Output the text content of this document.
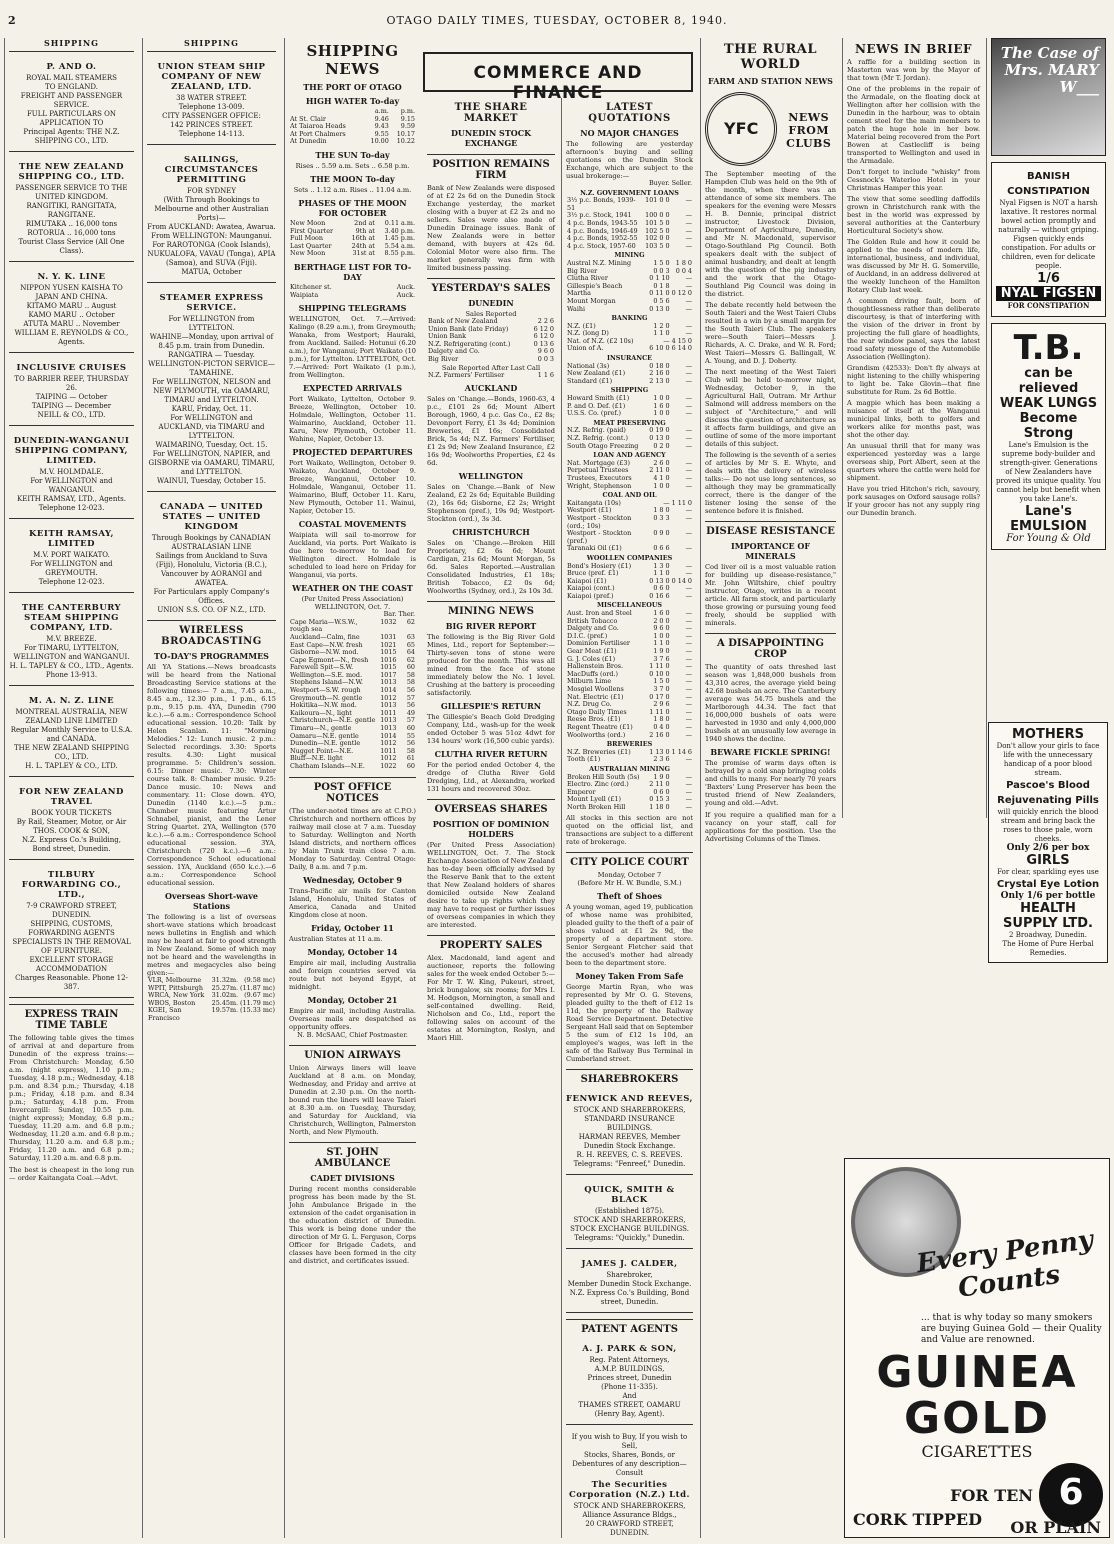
2	OTAGO DAILY TIMES, TUESDAY, OCTOBER 8, 1940.
SHIPPING
P. AND O.
ROYAL MAIL STEAMERS
TO ENGLAND.
FREIGHT AND PASSENGER SERVICE.
FULL PARTICULARS ON APPLICATION TO
Principal Agents: THE N.Z. SHIPPING CO., LTD.
THE NEW ZEALAND SHIPPING CO., LTD.
PASSENGER SERVICE TO THE UNITED KINGDOM.
RANGITIKI, RANGITATA, RANGITANE.
RIMUTAKA .. 16,000 tons
ROTORUA .. 16,000 tons
Tourist Class Service (All One Class).
N. Y. K. LINE
NIPPON YUSEN KAISHA TO JAPAN AND CHINA.
KITAMO MARU .. August
KAMO MARU .. October
ATUTA MARU .. November
WILLIAM E. REYNOLDS & CO., Agents.
INCLUSIVE CRUISES
TO BARRIER REEF, THURSDAY 26.
TAIPING — October
TAIPING — December
NEILL & CO., LTD.
DUNEDIN-WANGANUI SHIPPING COMPANY, LIMITED.
M.V. HOLMDALE.
For WELLINGTON and WANGANUI.
KEITH RAMSAY, LTD., Agents.
Telephone 12-023.
KEITH RAMSAY, LIMITED
M.V. PORT WAIKATO.
For WELLINGTON and GREYMOUTH.
Telephone 12-023.
THE CANTERBURY STEAM SHIPPING COMPANY, LTD.
M.V. BREEZE.
For TIMARU, LYTTELTON, WELLINGTON and WANGANUI.
H. L. TAPLEY & CO., LTD., Agents.
Phone 13-913.
M. A. N. Z. LINE
MONTREAL AUSTRALIA, NEW ZEALAND LINE LIMITED
Regular Monthly Service to U.S.A. and CANADA.
THE NEW ZEALAND SHIPPING CO., LTD.
H. L. TAPLEY & CO., LTD.
FOR NEW ZEALAND TRAVEL
BOOK YOUR TICKETS
By Rail, Steamer, Motor, or Air
THOS. COOK & SON,
N.Z. Express Co.'s Building,
Bond street, Dunedin.
TILBURY FORWARDING CO., LTD.,
7-9 CRAWFORD STREET, DUNEDIN.
SHIPPING, CUSTOMS, FORWARDING AGENTS
SPECIALISTS IN THE REMOVAL OF FURNITURE.
EXCELLENT STORAGE ACCOMMODATION
Charges Reasonable. Phone 12-387.
EXPRESS TRAIN TIME TABLE
The following table gives the times of arrival at and departure from Dunedin of the express trains:— From Christchurch: Monday, 6.50 a.m. (night express), 1.10 p.m.; Tuesday, 4.18 p.m.; Wednesday, 4.18 p.m. and 8.34 p.m.; Thursday, 4.18 p.m.; Friday, 4.18 p.m. and 8.34 p.m.; Saturday, 4.18 p.m. From Invercargill: Sunday, 10.55 p.m. (night express); Monday, 6.8 p.m.; Tuesday, 11.20 a.m. and 6.8 p.m.; Wednesday, 11.20 a.m. and 6.8 p.m.; Thursday, 11.20 a.m. and 6.8 p.m.; Friday, 11.20 a.m. and 6.8 p.m.; Saturday, 11.20 a.m. and 6.8 p.m.
The best is cheapest in the long run — order Kaitangata Coal.—Advt.
SHIPPING
UNION STEAM SHIP COMPANY OF NEW ZEALAND, LTD.
38 WATER STREET.
Telephone 13-009.
CITY PASSENGER OFFICE:
142 PRINCES STREET.
Telephone 14-113.
SAILINGS, CIRCUMSTANCES PERMITTING
FOR SYDNEY
(With Through Bookings to Melbourne and other Australian Ports)—
From AUCKLAND: Awatea, Awarua.
From WELLINGTON: Maunganui.
For RAROTONGA (Cook Islands), NUKUALOFA, VAVAU (Tonga), APIA (Samoa), and SUVA (Fiji).
MATUA, October
STEAMER EXPRESS SERVICE.
For WELLINGTON from LYTTELTON.
WAHINE—Monday, upon arrival of 8.45 p.m. train from Dunedin.
RANGATIRA — Tuesday.
WELLINGTON-PICTON SERVICE—TAMAHINE.
For WELLINGTON, NELSON and NEW PLYMOUTH, via OAMARU, TIMARU and LYTTELTON.
KARU, Friday, Oct. 11.
For WELLINGTON and AUCKLAND, via TIMARU and LYTTELTON.
WAIMARINO, Tuesday, Oct. 15.
For WELLINGTON, NAPIER, and GISBORNE via OAMARU, TIMARU, and LYTTELTON.
WAINUI, Tuesday, October 15.
CANADA — UNITED STATES — UNITED KINGDOM
Through Bookings by CANADIAN AUSTRALASIAN LINE
Sailings from Auckland to Suva (Fiji), Honolulu, Victoria (B.C.), Vancouver by AORANGI and AWATEA.
For Particulars apply Company's Offices.
UNION S.S. CO. OF N.Z., LTD.
WIRELESS BROADCASTING
TO-DAY'S PROGRAMMES
All YA Stations.—News broadcasts will be heard from the National Broadcasting Service stations at the following times:— 7 a.m., 7.45 a.m., 8.45 a.m., 12.30 p.m., 1 p.m., 6.15 p.m., 9.15 p.m. 4YA, Dunedin (790 k.c.).—6 a.m.: Correspondence School educational session. 10.20: Talk by Helen Scanlan. 11: "Morning Melodies." 12: Lunch music. 2 p.m.: Selected recordings. 3.30: Sports results. 4.30: Light musical programme. 5: Children's session. 6.15: Dinner music. 7.30: Winter course talk. 8: Chamber music. 9.25: Dance music. 10: News and commentary. 11: Close down. 4YO, Dunedin (1140 k.c.).—5 p.m.: Chamber music featuring Artur Schnabel, pianist, and the Lener String Quartet. 2YA, Wellington (570 k.c.).—6 a.m.: Correspondence School educational session. 3YA, Christchurch (720 k.c.).—6 a.m.: Correspondence School educational session. 1YA, Auckland (650 k.c.).—6 a.m.: Correspondence School educational session.
Overseas Short-wave Stations
The following is a list of overseas short-wave stations which broadcast news bulletins in English and which may be heard at fair to good strength in New Zealand. Some of which may not be heard and the wavelengths in metres and megacycles also being given:—
VLR, Melbourne	31.32m.	(9.58 mc)
WPIT, Pittsburgh	25.27m.	(11.87 mc)
WRCA, New York	31.02m.	(9.67 mc)
WBOS, Boston	25.45m.	(11.79 mc)
KGEI, San Francisco	19.57m.	(15.33 mc)
SHIPPING NEWS
THE PORT OF OTAGO
HIGH WATER To-day
	a.m.	p.m.
At St. Clair	9.46	9.15
At Taiaroa Heads	9.43	9.59
At Port Chalmers	9.55	10.17
At Dunedin	10.00	10.22
THE SUN To-day
Rises .. 5.59 a.m. Sets .. 6.58 p.m.
THE MOON To-day
Sets .. 1.12 a.m. Rises .. 11.04 a.m.
PHASES OF THE MOON FOR OCTOBER
New Moon	2nd at	0.11 a.m.
First Quarter	9th at	3.40 p.m.
Full Moon	16th at	1.45 p.m.
Last Quarter	24th at	5.54 a.m.
New Moon	31st at	8.55 p.m.
BERTHAGE LIST FOR TO-DAY
Kitchener st.	Auck.
Waipiata	Auck.
SHIPPING TELEGRAMS
WELLINGTON, Oct. 7.—Arrived: Kalingo (8.29 a.m.), from Greymouth; Wanaka, from Westport; Hauraki, from Auckland. Sailed: Hotunui (6.20 a.m.), for Wanganui; Port Waikato (10 p.m.), for Lyttelton. LYTTELTON, Oct. 7.—Arrived: Port Waikato (1 p.m.), from Wellington.
EXPECTED ARRIVALS
Port Waikato, Lyttelton, October 9. Breeze, Wellington, October 10. Holmdale, Wellington, October 11. Waimarino, Auckland, October 11. Karu, New Plymouth, October 11. Wahine, Napier, October 13.
PROJECTED DEPARTURES
Port Waikato, Wellington, October 9. Waikato, Auckland, October 9. Breeze, Wanganui, October 10. Holmdale, Wanganui, October 11. Waimarino, Bluff, October 11. Karu, New Plymouth, October 11. Wainui, Napier, October 15.
COASTAL MOVEMENTS
Waipiata will sail to-morrow for Auckland, via ports. Port Waikato is due here to-morrow to load for Wellington direct. Holmdale is scheduled to load here on Friday for Wanganui, via ports.
WEATHER ON THE COAST
(Per United Press Association) WELLINGTON, Oct. 7.
	Bar.	Ther.
Cape Maria—W.S.W., rough sea	1032	62
Auckland—Calm, fine	1031	63
East Cape—N.W. fresh	1021	65
Gisborne—N.W. mod.	1015	64
Cape Egmont—N., fresh	1016	62
Farewell Spit—S.W.	1015	60
Wellington—S.E. mod.	1017	58
Stephens Island—N.W.	1013	58
Westport—S.W. rough	1014	56
Greymouth—N. gentle	1012	57
Hokitika—N.W. mod.	1013	56
Kaikoura—N., light	1011	49
Christchurch—N.E. gentle	1013	57
Timaru—N., gentle	1013	60
Oamaru—N.E. gentle	1014	55
Dunedin—N.E. gentle	1012	56
Nugget Point—N.E.	1011	58
Bluff—N.E. light	1012	61
Chatham Islands—N.E.	1022	60
POST OFFICE NOTICES
(The under-noted times are at C.P.O.) Christchurch and northern offices by railway mail close at 7 a.m. Tuesday to Saturday. Wellington and North Island districts, and northern offices by Main Trunk train close 7 a.m. Monday to Saturday. Central Otago: Daily, 8 a.m. and 7 p.m.
Wednesday, October 9
Trans-Pacific air mails for Canton Island, Honolulu, United States of America, Canada and United Kingdom close at noon.
Friday, October 11
Australian States at 11 a.m.
Monday, October 14
Empire air mail, including Australia and foreign countries served via route but not beyond Egypt, at midnight.
Monday, October 21
Empire air mail, including Australia. Overseas mails are despatched as opportunity offers.
N. B. McSAAC, Chief Postmaster.
UNION AIRWAYS
Union Airways liners will leave Auckland at 8 a.m. on Monday, Wednesday, and Friday and arrive at Dunedin at 2.30 p.m. On the north-bound run the liners will leave Taieri at 8.30 a.m. on Tuesday, Thursday, and Saturday for Auckland, via Christchurch, Wellington, Palmerston North, and New Plymouth.
ST. JOHN AMBULANCE
CADET DIVISIONS
During recent months considerable progress has been made by the St. John Ambulance Brigade in the extension of the cadet organisation in the education district of Dunedin. This work is being done under the direction of Mr G. L. Ferguson, Corps Officer for Brigade Cadets, and classes have been formed in the city and district, and certificates issued.
COMMERCE AND FINANCE
THE SHARE MARKET
DUNEDIN STOCK EXCHANGE
POSITION REMAINS FIRM
Bank of New Zealands were disposed of at £2 2s 6d on the Dunedin Stock Exchange yesterday, the market closing with a buyer at £2 2s and no sellers. Sales were also made of Dunedin Drainage issues. Bank of New Zealands were in better demand, with buyers at 42s 6d. Colonial Motor were also firm. The market generally was firm with limited business passing.
YESTERDAY'S SALES
DUNEDIN
Sales Reported
Bank of New Zealand	2 2 6
Union Bank (late Friday)	6 12 0
Union Bank	6 12 0
N.Z. Refrigerating (cont.)	0 13 6
Dalgety and Co.	9 6 0
Big River	0 0 3
Sale Reported After Last Call
N.Z. Farmers' Fertiliser	1 1 6
AUCKLAND
Sales on 'Change.—Bonds, 1960-63, 4 p.c., £101 2s 6d; Mount Albert Borough, 1960, 4 p.c. Gas Co., £2 8s; Devonport Ferry, £1 3s 4d; Dominion Breweries, £1 16s; Consolidated Brick, 5s 4d; N.Z. Farmers' Fertiliser, £1 2s 9d; New Zealand Insurance, £2 16s 9d; Woolworths Properties, £2 4s 6d.
WELLINGTON
Sales on 'Change.—Bank of New Zealand, £2 2s 6d; Equitable Building (2), 16s 6d; Gisborne, £2 2s; Wright Stephenson (pref.), 19s 9d; Westport-Stockton (ord.), 3s 3d.
CHRISTCHURCH
Sales on 'Change.—Broken Hill Proprietary, £2 6s 6d; Mount Cardigan, 21s 6d; Mount Morgan, 5s 6d. Sales Reported.—Australian Consolidated Industries, £1 18s; British Tobacco, £2 0s 6d; Woolworths (Sydney, ord.), 2s 10s 3d.
MINING NEWS
BIG RIVER REPORT
The following is the Big River Gold Mines, Ltd., report for September:— Thirty-seven tons of stone were produced for the month. This was all mined from the face of stone immediately below the No. 1 level. Crushing at the battery is proceeding satisfactorily.
GILLESPIE'S RETURN
The Gillespie's Beach Gold Dredging Company, Ltd., wash-up for the week ended October 5 was 51oz 4dwt for 134 hours' work (16,500 cubic yards).
CLUTHA RIVER RETURN
For the period ended October 4, the dredge of Clutha River Gold Dredging, Ltd., at Alexandra, worked 131 hours and recovered 30oz.
OVERSEAS SHARES
POSITION OF DOMINION HOLDERS
(Per United Press Association) WELLINGTON, Oct. 7. The Stock Exchange Association of New Zealand has to-day been officially advised by the Reserve Bank that to the extent that New Zealand holders of shares domiciled outside New Zealand desire to take up rights which they may have to request or further issues of overseas companies in which they are interested.
PROPERTY SALES
Alex. Macdonald, land agent and auctioneer, reports the following sales for the week ended October 5:—For Mr T. W. King, Pukeuri, street, brick bungalow, six rooms; for Mrs I. M. Hodgson, Mornington, a small and self-contained dwelling. Reid, Nicholson and Co., Ltd., report the following sales on account of the estates at Mornington, Roslyn, and Maori Hill.
LATEST QUOTATIONS
NO MAJOR CHANGES
The following are yesterday afternoon's buying and selling quotations on the Dunedin Stock Exchange, which are subject to the usual brokerage:—
	Buyer.	Seller.
N.Z. GOVERNMENT LOANS		
3½ p.c. Bonds, 1939-51	101 0 0	—
3½ p.c. Stock, 1941	100 0 0	—
4 p.c. Bonds, 1943-55	101 5 0	—
4 p.c. Bonds, 1946-49	102 5 0	—
4 p.c. Bonds, 1952-55	102 0 0	—
4 p.c. Stock, 1957-60	103 5 0	—
MINING		
Austral N.Z. Mining	1 5 0	1 8 0
Big River	0 0 3	0 0 4
Clutha River	0 1 10	—
Gillespie's Beach	0 1 8	—
Martha	0 11 0	0 12 0
Mount Morgan	0 5 6	—
Waihi	0 13 0	—
BANKING		
N.Z. (£1)	1 2 0	—
N.Z. (long D)	1 1 0	—
Nat. of N.Z. (£2 10s)	—	4 15 0
Union of A.	6 10 0	6 14 0
INSURANCE		
National (3s)	0 18 0	—
New Zealand (£1)	2 16 0	—
Standard (£1)	2 13 0	—
SHIPPING		
Howard Smith (£1)	1 0 0	—
P. and O. Def. (£1)	1 6 0	—
U.S.S. Co. (pref.)	1 0 0	—
MEAT PRESERVING		
N.Z. Refrig. (paid)	0 19 0	—
N.Z. Refrig. (cont.)	0 13 0	—
South Otago Freezing	0 2 0	—
LOAN AND AGENCY		
Nat. Mortgage (£3)	2 6 0	—
Perpetual Trustees	2 11 0	—
Trustees, Executors	4 1 0	—
Wright, Stephenson	1 0 0	—
COAL AND OIL		
Kaitangata (10s)	—	1 11 0
Westport (£1)	1 8 0	—
Westport - Stockton (ord.; 10s)	0 3 3	—
Westport - Stockton (pref.)	0 9 0	—
Taranaki Oil (£1)	0 6 6	—
WOOLLEN COMPANIES		
Bond's Hosiery (£1)	1 3 0	—
Bruce (pref. £1)	1 1 0	—
Kaiapoi (£1)	0 13 0	0 14 0
Kaiapoi (cont.)	0 6 0	—
Kaiapoi (pref.)	0 16 6	—
MISCELLANEOUS		
Aust. Iron and Steel	1 6 0	—
British Tobacco	2 0 0	—
Dalgety and Co.	9 6 0	—
D.I.C. (pref.)	1 0 0	—
Dominion Fertiliser	1 1 0	—
Gear Meat (£1)	1 9 0	—
G. J. Coles (£1)	3 7 6	—
Hallenstein Bros.	1 11 0	—
MacDuffs (ord.)	0 10 0	—
Milburn Lime	1 5 0	—
Mosgiel Woollens	3 7 0	—
Nat. Electric (£1)	0 17 0	—
N.Z. Drug Co.	2 9 6	—
Otago Daily Times	1 11 0	—
Reese Bros. (£1)	1 8 0	—
Regent Theatre (£1)	0 4 0	—
Woolworths (ord.)	2 16 0	—
BREWERIES		
N.Z. Breweries (£1)	1 13 0	1 14 6
Tooth (£1)	2 3 6	—
AUSTRALIAN MINING		
Broken Hill South (5s)	1 9 0	—
Electro. Zinc (ord.)	2 11 0	—
Emperor	0 6 0	—
Mount Lyell (£1)	0 15 3	—
North Broken Hill	1 18 0	—
All stocks in this section are not quoted on the official list, and transactions are subject to a different rate of brokerage.
CITY POLICE COURT
Monday, October 7
(Before Mr H. W. Bundle, S.M.)
Theft of Shoes
A young woman, aged 19, publication of whose name was prohibited, pleaded guilty to the theft of a pair of shoes valued at £1 2s 9d, the property of a department store. Senior Sergeant Fletcher said that the accused's mother had already been to the department store.
Money Taken From Safe
George Martin Ryan, who was represented by Mr O. G. Stevens, pleaded guilty to the theft of £12 1s 11d, the property of the Railway Road Service Department. Detective Sergeant Hall said that on September 5 the sum of £12 1s 10d, an employee's wages, was left in the safe of the Railway Bus Terminal in Cumberland street.
SHAREBROKERS
FENWICK AND REEVES,
STOCK AND SHAREBROKERS,
STANDARD INSURANCE BUILDINGS.
HARMAN REEVES, Member Dunedin Stock Exchange.
R. H. REEVES, C. S. REEVES.
Telegrams: "Fenreef," Dunedin.
QUICK, SMITH & BLACK
(Established 1875).
STOCK AND SHAREBROKERS,
STOCK EXCHANGE BUILDINGS.
Telegrams: "Quickly," Dunedin.
JAMES J. CALDER,
Sharebroker,
Member Dunedin Stock Exchange.
N.Z. Express Co.'s Building, Bond street, Dunedin.
PATENT AGENTS
A. J. PARK & SON,
Reg. Patent Attorneys,
A.M.P. BUILDINGS,
Princes street, Dunedin
(Phone 11-335).
And
THAMES STREET, OAMARU
(Henry Bay, Agent).
If you wish to Buy, If you wish to Sell,
Stocks, Shares, Bonds, or Debentures of any description—
Consult
The Securities Corporation (N.Z.) Ltd.
STOCK AND SHAREBROKERS,
Alliance Assurance Bldgs.,
20 CRAWFORD STREET, DUNEDIN.
THE RURAL WORLD
FARM AND STATION NEWS
YFC
NEWS FROM CLUBS
The September meeting of the Hampden Club was held on the 9th of the month, when there was an attendance of some six members. The speakers for the evening were Messrs H. B. Dennie, principal district instructor, Livestock Division, Department of Agriculture, Dunedin, and Mr N. Macdonald, supervisor Otago-Southland Pig Council. Both speakers dealt with the subject of animal husbandry, and dealt at length with the question of the pig industry and the work that the Otago-Southland Pig Council was doing in the district.
The debate recently held between the South Taieri and the West Taieri Clubs resulted in a win by a small margin for the South Taieri Club. The speakers were—South Taieri—Messrs J. Richards, A. C. Drake, and W. R. Ford; West Taieri—Messrs G. Ballingall, W. A. Young, and D. J. Doherty.
The next meeting of the West Taieri Club will be held to-morrow night, Wednesday, October 9, in the Agricultural Hall, Outram. Mr Arthur Salmond will address members on the subject of "Architecture," and will discuss the question of architecture as it affects farm buildings, and give an outline of some of the more important details of this subject.
The following is the seventh of a series of articles by Mr S. E. Whyte, and deals with the delivery of wireless talks:— Do not use long sentences, so although they may be grammatically correct, there is the danger of the listener losing the sense of the sentence before it is finished.
DISEASE RESISTANCE
IMPORTANCE OF MINERALS
Cod liver oil is a most valuable ration for building up disease-resistance," Mr. John Wiltshire, chief poultry instructor, Otago, writes in a recent article. All farm stock, and particularly those growing or pursuing young feed freely, should be supplied with minerals.
A DISAPPOINTING CROP
The quantity of oats threshed last season was 1,848,000 bushels from 43,310 acres, the average yield being 42.68 bushels an acre. The Canterbury average was 54.75 bushels and the Marlborough 44.34. The fact that 16,000,000 bushels of oats were harvested in 1930 and only 4,000,000 bushels at an unusually low average in 1940 shows the decline.
BEWARE FICKLE SPRING!
The promise of warm days often is betrayed by a cold snap bringing colds and chills to many. For nearly 70 years 'Baxters' Lung Preserver has been the trusted friend of New Zealanders, young and old.—Advt.
If you require a qualified man for a vacancy on your staff, call for applications for the position. Use the Advertising Columns of the Times.
NEWS IN BRIEF

A raffle for a building section in Masterton was won by the Mayor of that town (Mr T. Jordan).

One of the problems in the repair of the Armadale, on the floating dock at Wellington after her collision with the Dunedin in the harbour, was to obtain cement steel for the main members to patch the huge hole in her bow. Material being recovered from the Port Bowen at Castlecliff is being transported to Wellington and used in the Armadale.

Don't forget to include "whisky" from Cessnock's Waterloo Hotel in your Christmas Hamper this year.

The view that some seedling daffodils grown in Christchurch rank with the best in the world was expressed by several authorities at the Canterbury Horticultural Society's show.

The Golden Rule and how it could be applied to the needs of modern life, international, business, and individual, was discussed by Mr H. G. Somerville, of Auckland, in an address delivered at the weekly luncheon of the Hamilton Rotary Club last week.

A common driving fault, born of thoughtlessness rather than deliberate discourtesy, is that of interfering with the vision of the driver in front by projecting the full glare of headlights, the rear window panel, says the latest road safety message of the Automobile Association (Wellington).

Grandism (42533): Don't fly always at night listening to the chilly whispering to light be. Take Glovin—that fine substitute for Rum. 2s 6d Bottle.

A magpie which has been making a nuisance of itself at the Wanganui municipal links, both to golfers and workers alike for months past, was shot the other day.

An unusual thrill that for many was experienced yesterday was a large overseas ship, Port Albert, seen at the quarters where the cattle were held for shipment.

Have you tried Hitchon's rich, savoury, pork sausages on Oxford sausage rolls? If your grocer has not any supply ring our Dunedin branch.

The Case of Mrs. MARY W___
BANISH CONSTIPATION
Nyal Figsen is NOT a harsh laxative. It restores normal bowel action promptly and naturally — without griping. Figsen quickly ends constipation. For adults or children, even for delicate people.
1/6
NYAL FIGSEN
FOR CONSTIPATION
T.B.
can be relieved
WEAK LUNGS Become Strong
Lane's Emulsion is the supreme body-builder and strength-giver. Generations of New Zealanders have proved its unique quality. You cannot help but benefit when you take Lane's.
Lane's EMULSION
For Young & Old
MOTHERS
Don't allow your girls to face life with the unnecessary handicap of a poor blood stream.
Pascoe's Blood Rejuvenating Pills
will quickly enrich the blood stream and bring back the roses to those pale, worn cheeks.
Only 2/6 per box
GIRLS
For clear, sparkling eyes use
Crystal Eye Lotion
Only 1/6 per bottle
HEALTH SUPPLY LTD.
2 Broadway, Dunedin.
The Home of Pure Herbal Remedies.
Every Penny Counts
... that is why today so many smokers are buying Guinea Gold — their Quality and Value are renowned.
GUINEA GOLD
CIGARETTES
CORK TIPPED
6
FOR TEN
OR PLAIN
